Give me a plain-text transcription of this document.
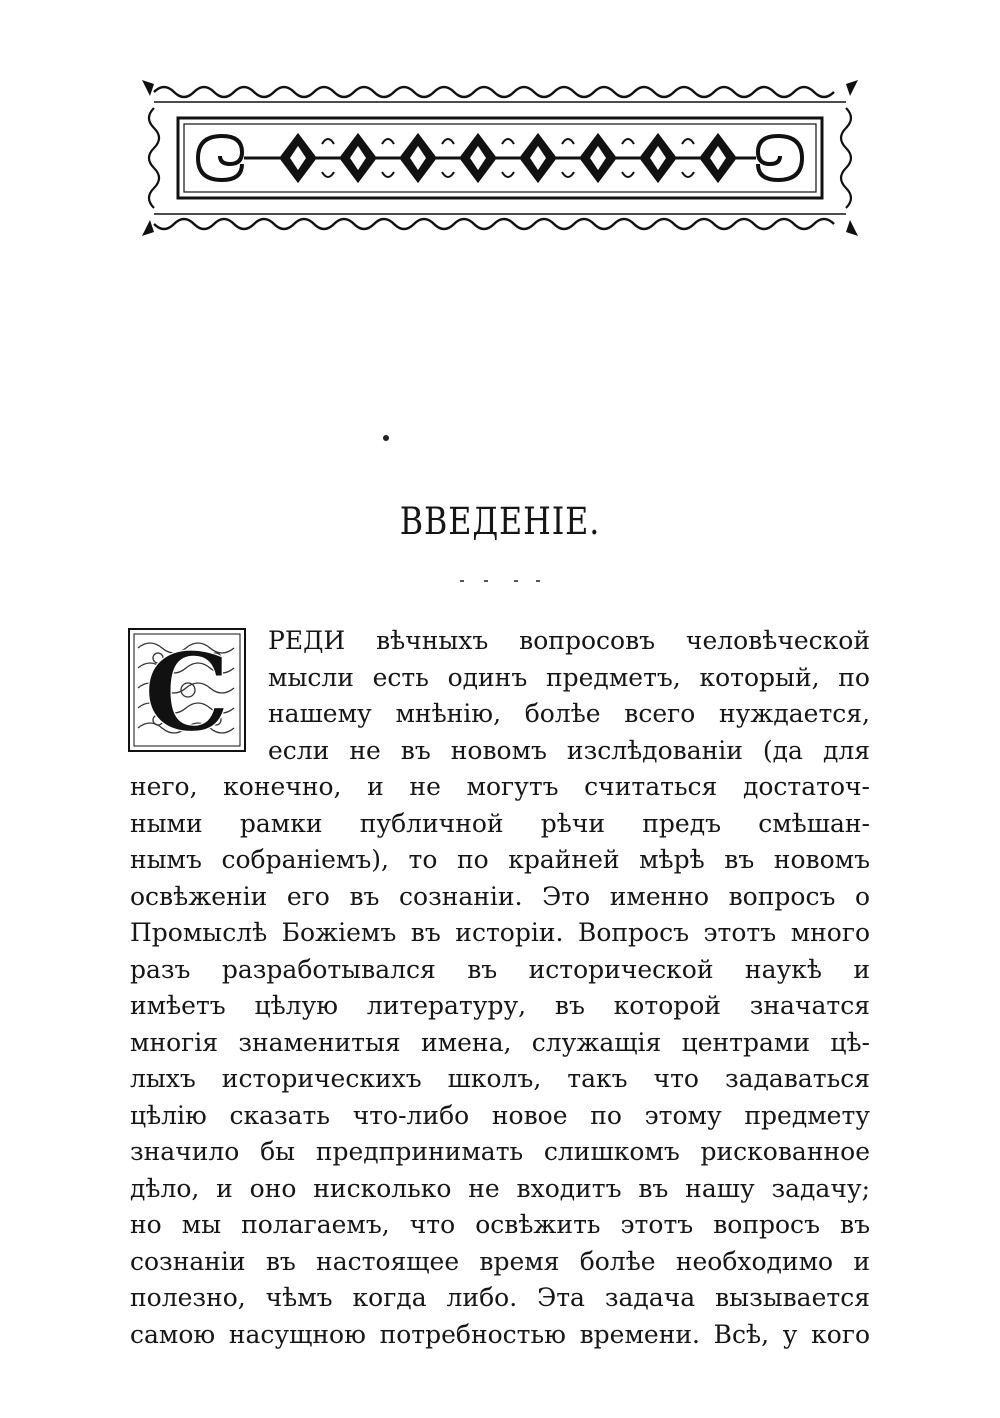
ВВЕДЕНІЕ.
С РЕДИ вѣчныхъ вопросовъ человѣческой
мысли есть одинъ предметъ, который, по
нашему мнѣнію, болѣе всего нуждается,
если не въ новомъ изслѣдованіи (да для
него, конечно, и не могутъ считаться достаточ-
ными рамки публичной рѣчи предъ смѣшан-
нымъ собраніемъ), то по крайней мѣрѣ въ новомъ
освѣженіи его въ сознаніи. Это именно вопросъ о
Промыслѣ Божіемъ въ исторіи. Вопросъ этотъ много
разъ разработывался въ исторической наукѣ и
имѣетъ цѣлую литературу, въ которой значатся
многія знаменитыя имена, служащія центрами цѣ-
лыхъ историческихъ школъ, такъ что задаваться
цѣлію сказать что-либо новое по этому предмету
значило бы предпринимать слишкомъ рискованное
дѣло, и оно нисколько не входитъ въ нашу задачу;
но мы полагаемъ, что освѣжить этотъ вопросъ въ
сознаніи въ настоящее время болѣе необходимо и
полезно, чѣмъ когда либо. Эта задача вызывается
самою насущною потребностью времени. Всѣ, у кого
